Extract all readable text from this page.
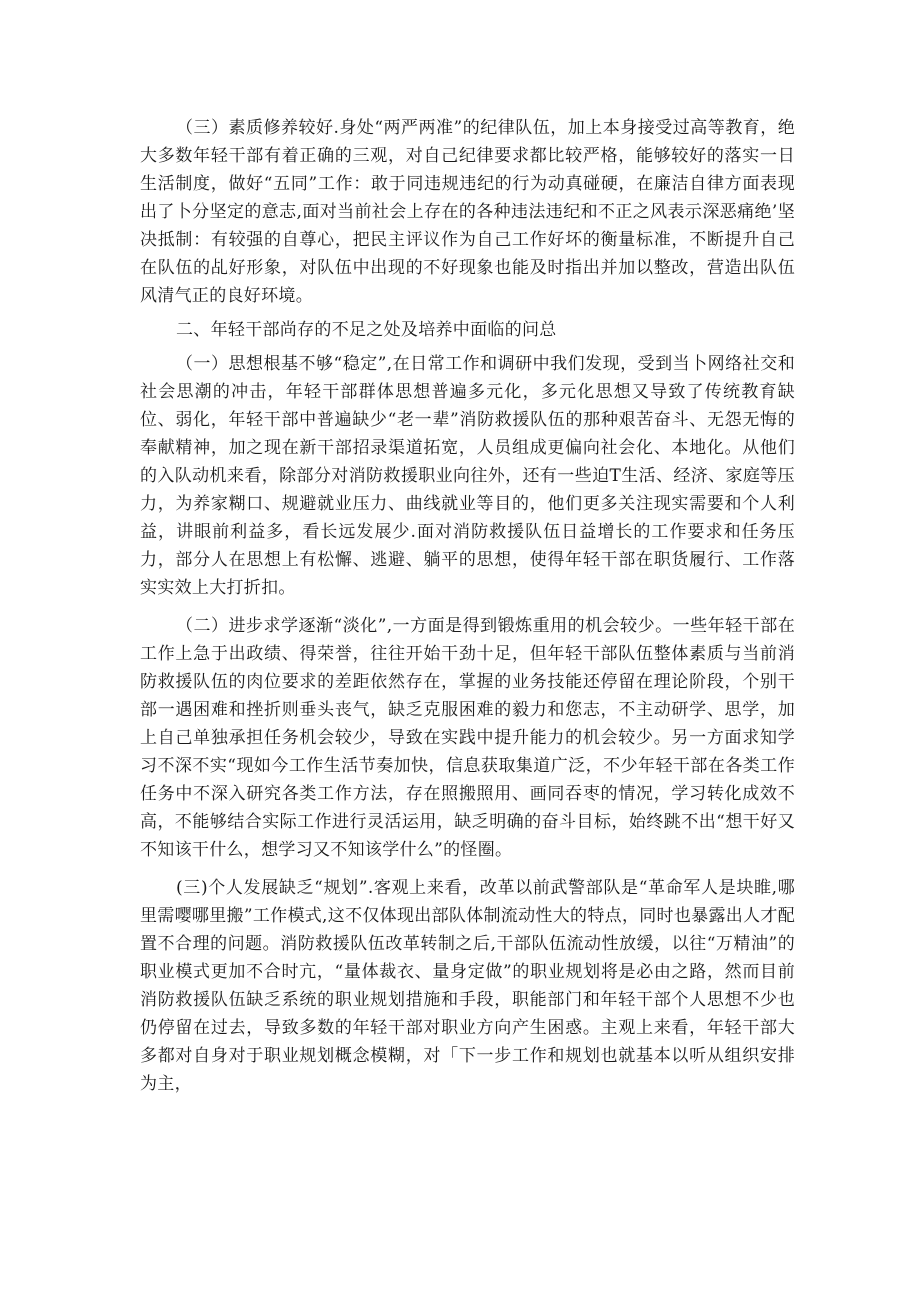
（三）素质修养较好.身处“两严两准”的纪律队伍，加上本身接受过高等教育，绝大多数年轻干部有着正确的三观，对自己纪律要求都比较严格，能够较好的落实一日生活制度，做好“五同”工作：敢于同违规违纪的行为动真碰硬，在廉洁自律方面表现出了卜分坚定的意志,面对当前社会上存在的各种违法违纪和不正之风表示深恶痛绝’坚决抵制：有较强的自尊心，把民主评议作为自己工作好坏的衡量标准，不断提升自己在队伍的乩好形象，对队伍中出现的不好现象也能及时指出并加以整改，营造出队伍风清气正的良好环境。

二、年轻干部尚存的不足之处及培养中面临的问总

（一）思想根基不够“稳定”,在日常工作和调研中我们发现，受到当卜网络社交和社会思潮的冲击，年轻干部群体思想普遍多元化，多元化思想又导致了传统教育缺位、弱化，年轻干部中普遍缺少“老一辈”消防救援队伍的那种艰苦奋斗、无怨无悔的奉献精神，加之现在新干部招录渠道拓宽，人员组成更偏向社会化、本地化。从他们的入队动机来看，除部分对消防救援职业向往外，还有一些迫T生活、经济、家庭等压力，为养家糊口、规避就业压力、曲线就业等目的，他们更多关注现实需要和个人利益，讲眼前利益多，看长远发展少.面对消防救援队伍日益增长的工作要求和任务压力，部分人在思想上有松懈、逃避、躺平的思想，使得年轻干部在职货履行、工作落实实效上大打折扣。

（二）进步求学逐渐“淡化”,一方面是得到锻炼重用的机会较少。一些年轻干部在工作上急于出政绩、得荣誉，往往开始干劲十足，但年轻干部队伍整体素质与当前消防救援队伍的肉位要求的差距依然存在，掌握的业务技能还停留在理论阶段，个别干部一遇困难和挫折则垂头丧气，缺乏克服困难的毅力和您志，不主动研学、思学，加上自己单独承担任务机会较少，导致在实践中提升能力的机会较少。另一方面求知学习不深不实“现如今工作生活节奏加快，信息获取集道广泛，不少年轻干部在各类工作任务中不深入研究各类工作方法，存在照搬照用、画同吞枣的情况，学习转化成效不高，不能够结合实际工作进行灵活运用，缺乏明确的奋斗目标，始终跳不出“想干好又不知该干什么，想学习又不知该学什么”的怪圈。

(三)个人发展缺乏“规划”.客观上来看，改革以前武警部队是“革命军人是块睢,哪里需嘤哪里搬”工作模式,这不仅体现出部队体制流动性大的特点，同时也暴露出人才配置不合理的问题。消防救援队伍改革转制之后,干部队伍流动性放缓，以往“万精油”的职业模式更加不合时亢，“量体裁衣、量身定做”的职业规划将是必由之路，然而目前消防救援队伍缺乏系统的职业规划措施和手段，职能部门和年轻干部个人思想不少也仍停留在过去，导致多数的年轻干部对职业方向产生困惑。主观上来看，年轻干部大多都对自身对于职业规划概念模糊，对「下一步工作和规划也就基本以听从组织安排为主，
